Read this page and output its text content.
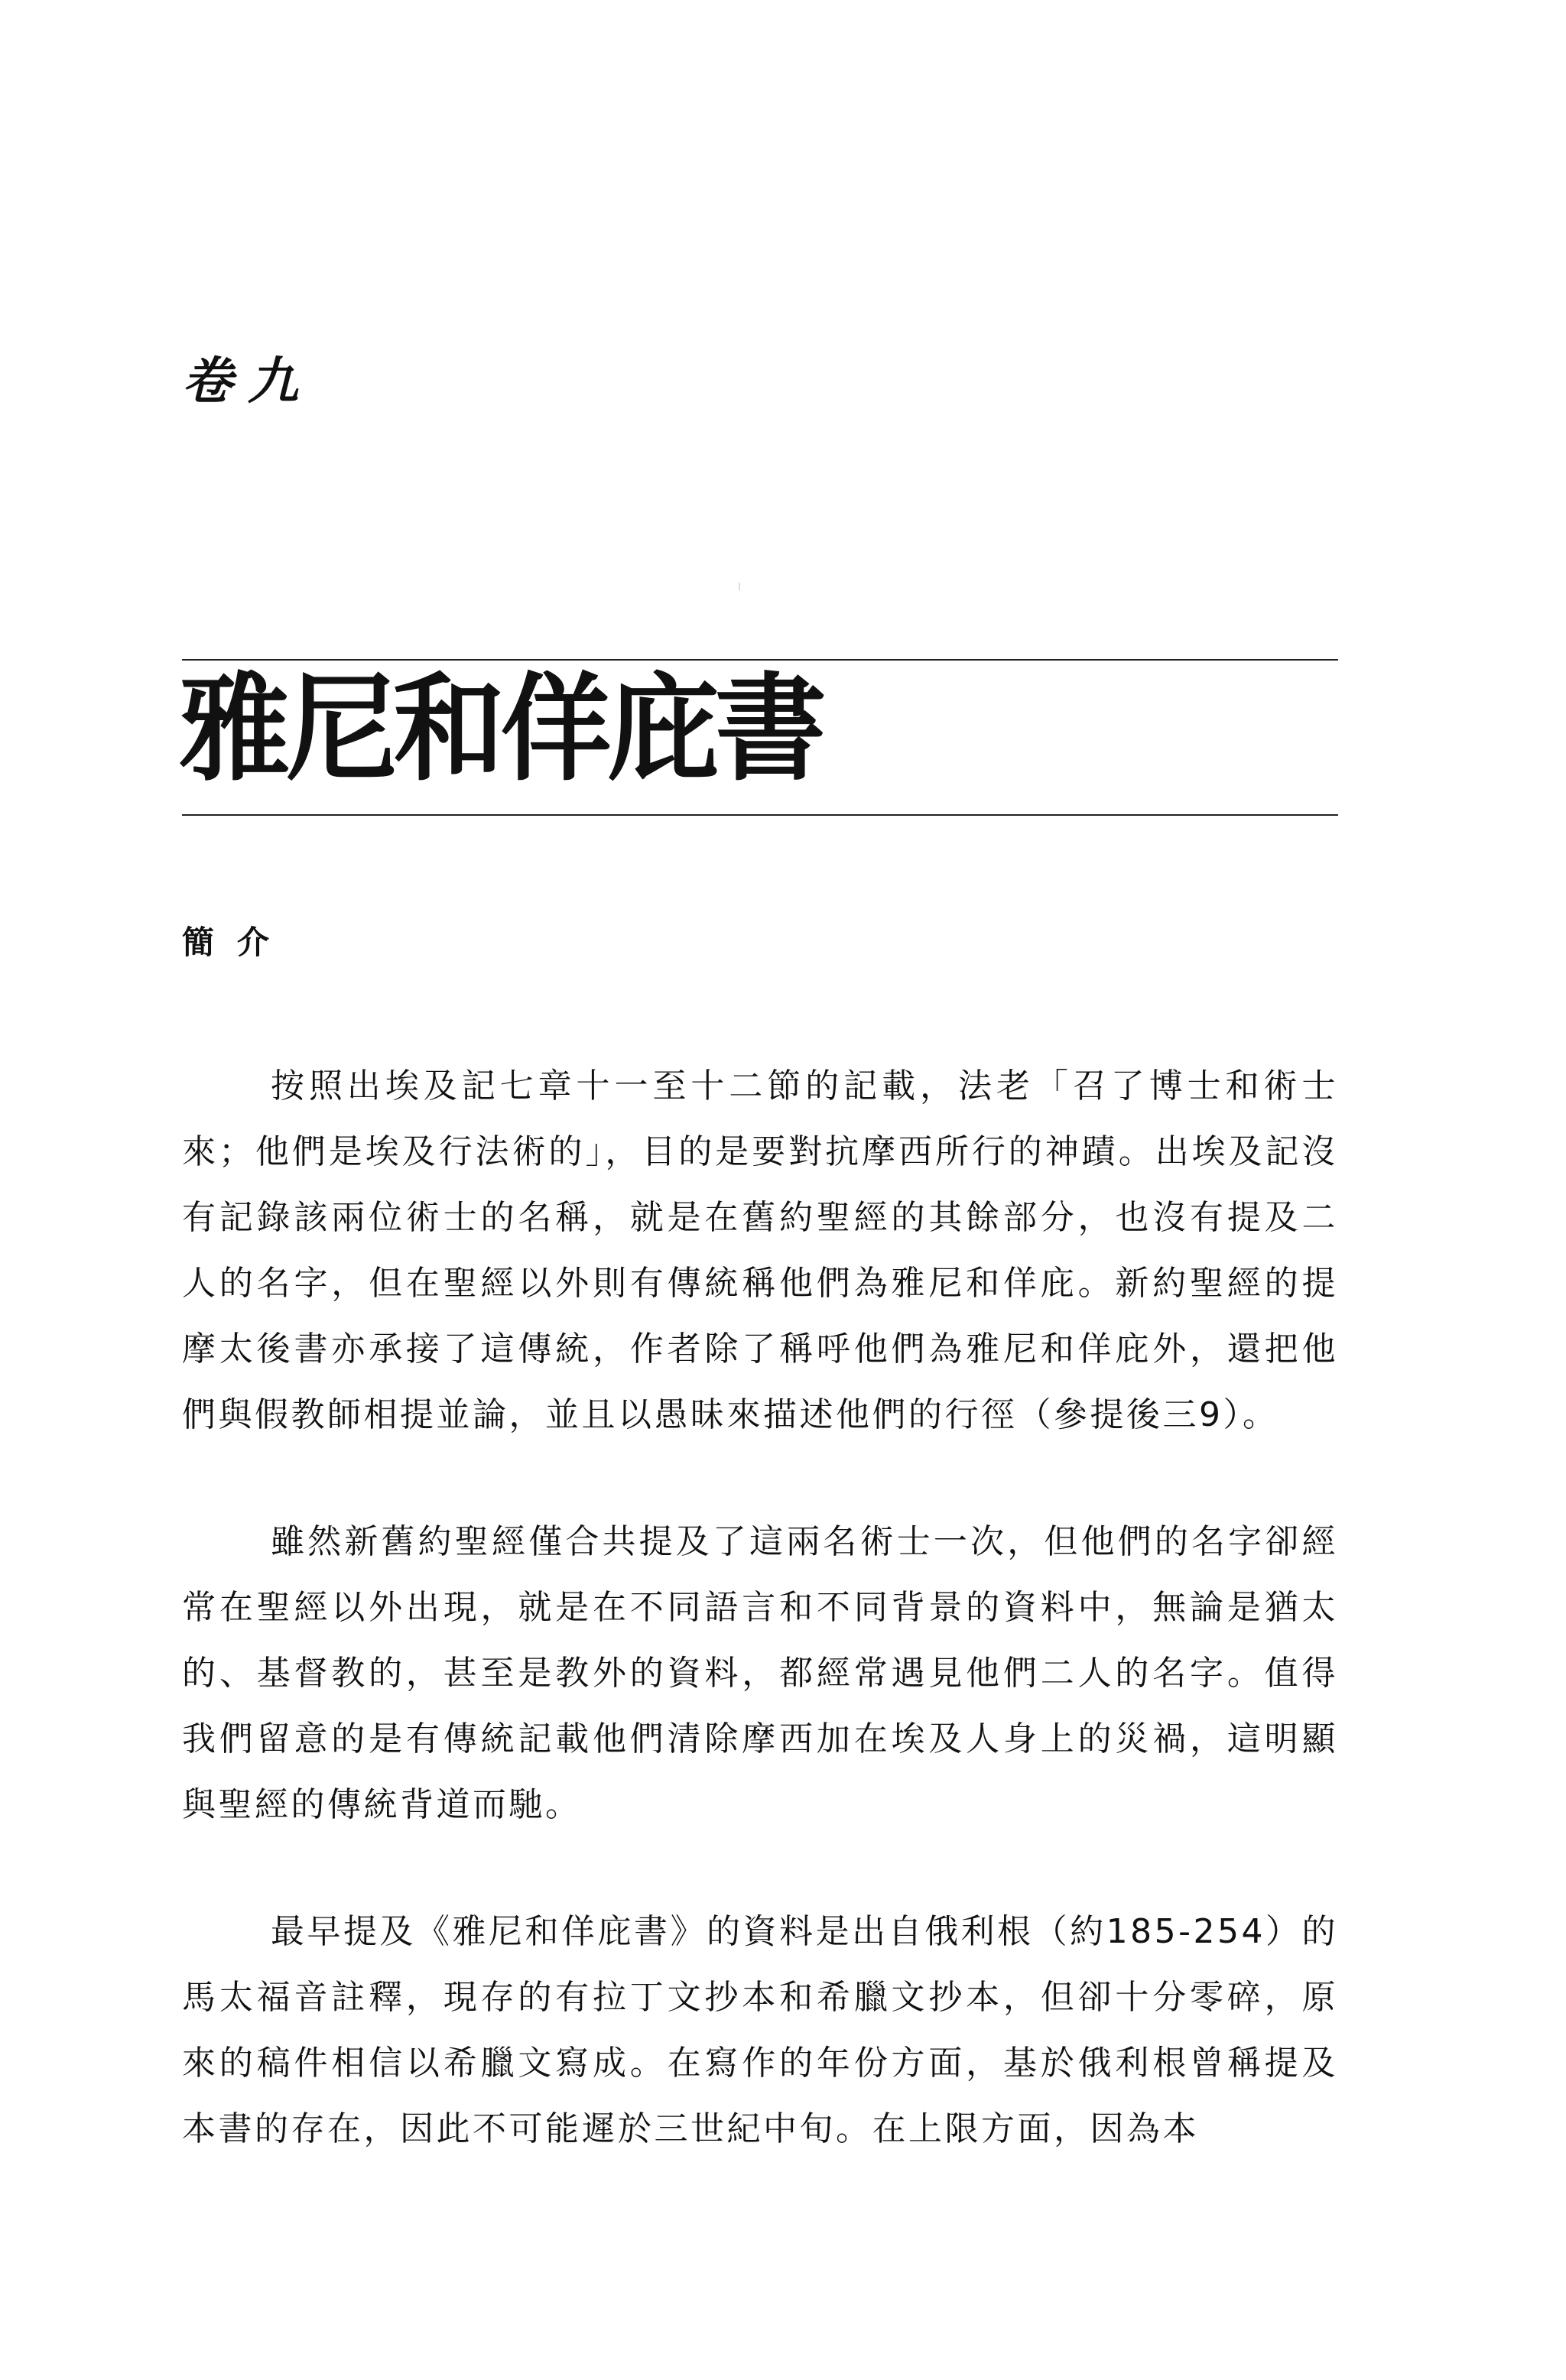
卷九
雅尼和佯庇書
簡介

按照出埃及記七章十一至十二節的記載，法老「召了博士和術士來；他們是埃及行法術的」，目的是要對抗摩西所行的神蹟。出埃及記沒有記錄該兩位術士的名稱，就是在舊約聖經的其餘部分，也沒有提及二人的名字，但在聖經以外則有傳統稱他們為雅尼和佯庇。新約聖經的提摩太後書亦承接了這傳統，作者除了稱呼他們為雅尼和佯庇外，還把他們與假教師相提並論，並且以愚昧來描述他們的行徑（參提後三9）。

雖然新舊約聖經僅合共提及了這兩名術士一次，但他們的名字卻經常在聖經以外出現，就是在不同語言和不同背景的資料中，無論是猶太的、基督教的，甚至是教外的資料，都經常遇見他們二人的名字。值得我們留意的是有傳統記載他們清除摩西加在埃及人身上的災禍，這明顯與聖經的傳統背道而馳。

最早提及《雅尼和佯庇書》的資料是出自俄利根（約185-254）的馬太福音註釋，現存的有拉丁文抄本和希臘文抄本，但卻十分零碎，原來的稿件相信以希臘文寫成。在寫作的年份方面，基於俄利根曾稱提及本書的存在，因此不可能遲於三世紀中旬。在上限方面，因為本
